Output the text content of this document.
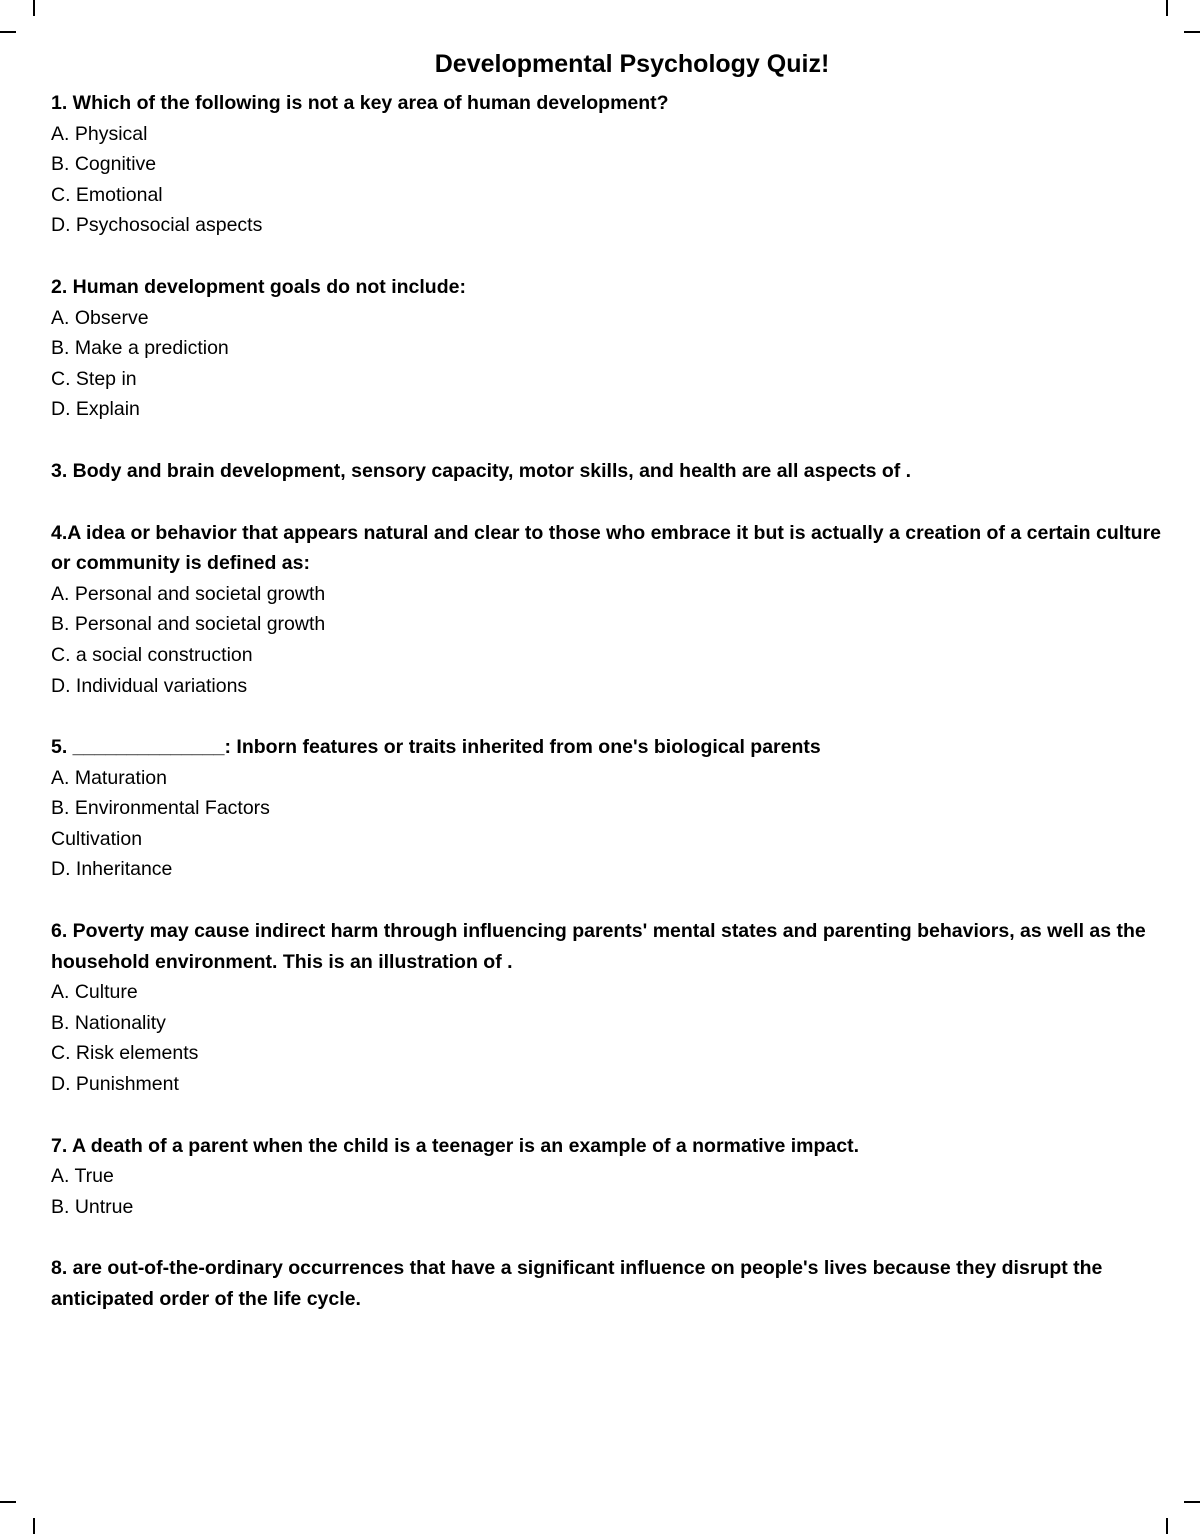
Developmental Psychology Quiz!

1. Which of the following is not a key area of human development?

A. Physical

B. Cognitive

C. Emotional

D. Psychosocial aspects

2. Human development goals do not include:

A. Observe

B. Make a prediction

C. Step in

D. Explain

3. Body and brain development, sensory capacity, motor skills, and health are all aspects of .

4.A idea or behavior that appears natural and clear to those who embrace it but is actually a creation of a certain culture or community is defined as:

A. Personal and societal growth

B. Personal and societal growth

C. a social construction

D. Individual variations

5. ______________: Inborn features or traits inherited from one's biological parents

A. Maturation

B. Environmental Factors

Cultivation

D. Inheritance

6. Poverty may cause indirect harm through influencing parents' mental states and parenting behaviors, as well as the household environment. This is an illustration of .

A. Culture

B. Nationality

C. Risk elements

D. Punishment

7. A death of a parent when the child is a teenager is an example of a normative impact.

A. True

B. Untrue

8. are out-of-the-ordinary occurrences that have a significant influence on people's lives because they disrupt the anticipated order of the life cycle.
